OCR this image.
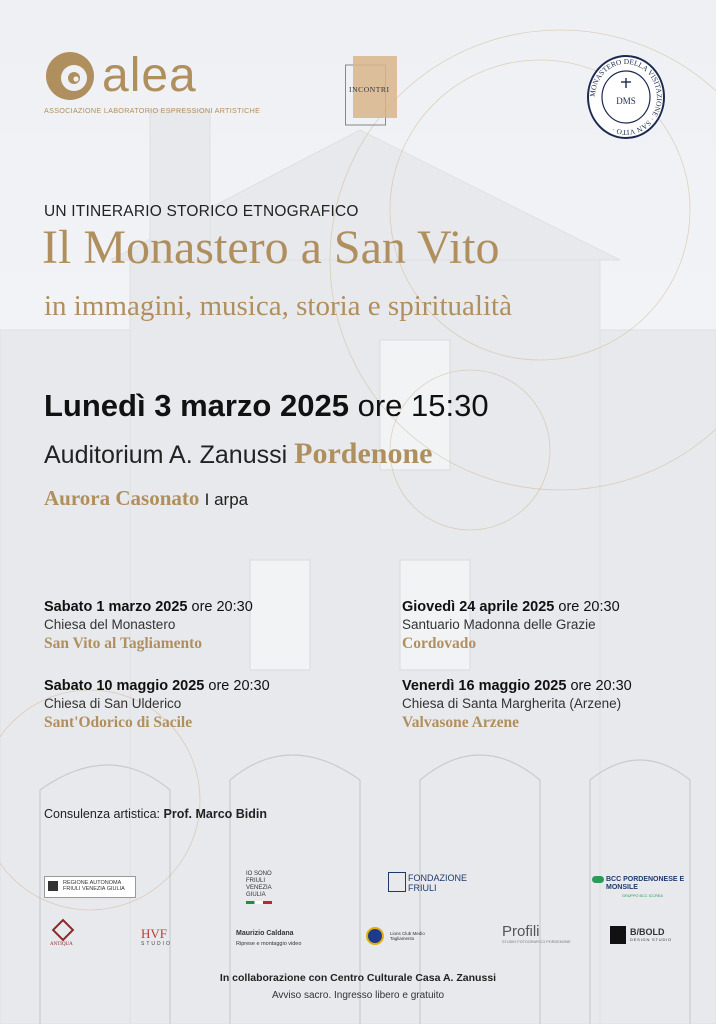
alea
ASSOCIAZIONE LABORATORIO ESPRESSIONI ARTISTICHE
INCONTRI	MONASTERO DELLA VISITAZIONE · SAN VITO ·
DMS
UN ITINERARIO STORICO ETNOGRAFICO
Il Monastero a San Vito
in immagini, musica, storia e spiritualità
Lunedì 3 marzo 2025 ore 15:30
Auditorium A. Zanussi Pordenone
Aurora Casonato I arpa
Sabato 1 marzo 2025 ore 20:30
Chiesa del Monastero
San Vito al Tagliamento
Giovedì 24 aprile 2025 ore 20:30
Santuario Madonna delle Grazie
Cordovado
Sabato 10 maggio 2025 ore 20:30
Chiesa di San Ulderico
Sant'Odorico di Sacile
Venerdì 16 maggio 2025 ore 20:30
Chiesa di Santa Margherita (Arzene)
Valvasone Arzene
Consulenza artistica: Prof. Marco Bidin
REGIONE AUTONOMA FRIULI VENEZIA GIULIA
IO SONO FRIULI VENEZIA GIULIA
FONDAZIONE FRIULI
BCC PORDENONESE E MONSILE
GRUPPO BCC ICCREA
ANTIQUA
HVF
STUDIO
Maurizio Caldana
Riprese e montaggio video
Lions Club Medio Tagliamento	Profili
STUDIO FOTOGRAFICO PORDENONE
B/BOLD
DESIGN STUDIO
In collaborazione con Centro Culturale Casa A. Zanussi
Avviso sacro. Ingresso libero e gratuito
